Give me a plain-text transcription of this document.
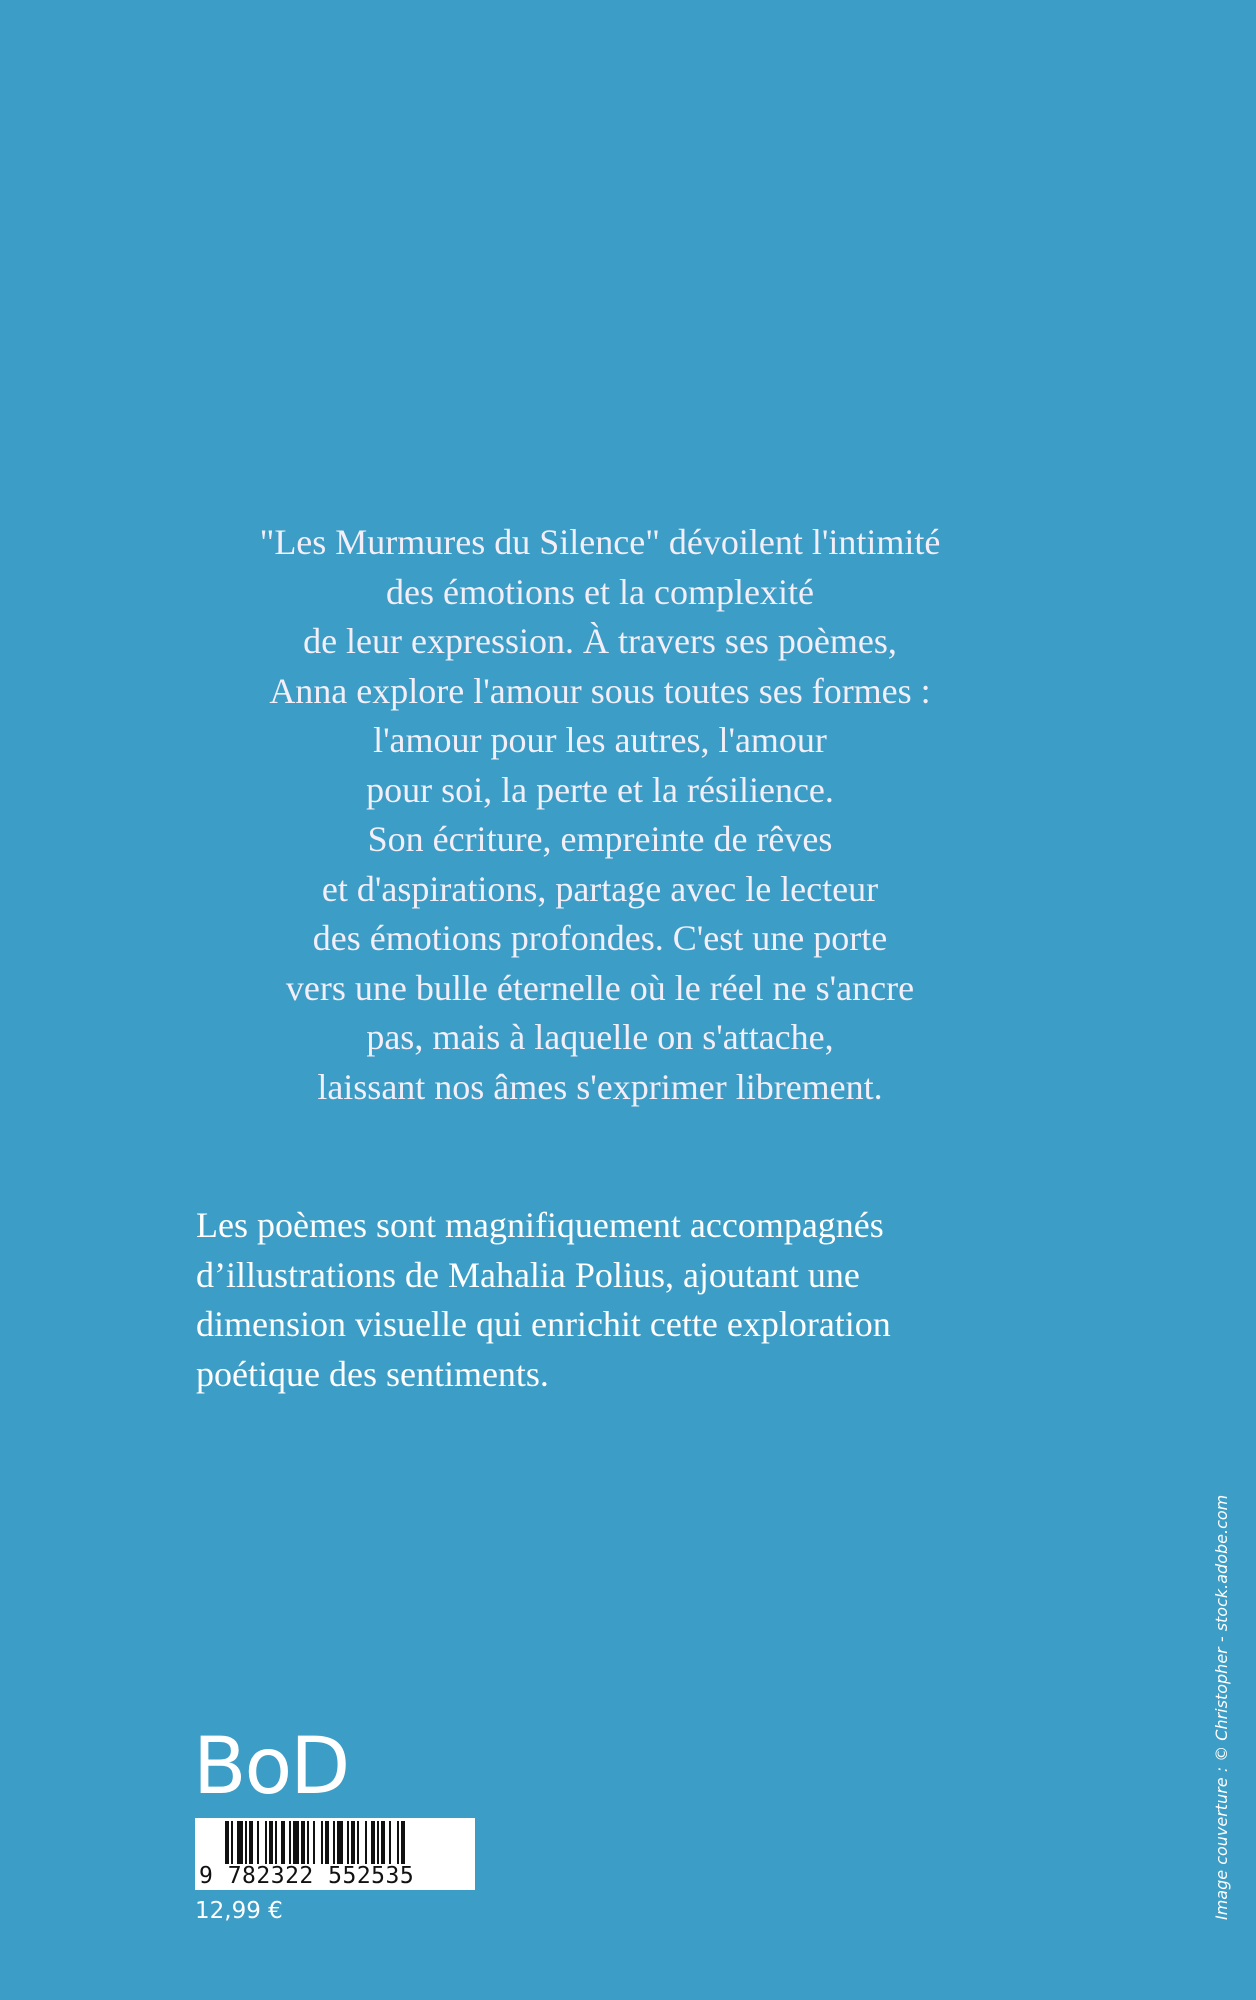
"Les Murmures du Silence" dévoilent l'intimité
des émotions et la complexité
de leur expression. À travers ses poèmes,
Anna explore l'amour sous toutes ses formes :
l'amour pour les autres, l'amour
pour soi, la perte et la résilience.
Son écriture, empreinte de rêves
et d'aspirations, partage avec le lecteur
des émotions profondes. C'est une porte
vers une bulle éternelle où le réel ne s'ancre
pas, mais à laquelle on s'attache,
laissant nos âmes s'exprimer librement.
Les poèmes sont magnifiquement accompagnés
d’illustrations de Mahalia Polius, ajoutant une
dimension visuelle qui enrichit cette exploration
poétique des sentiments.
BoD
9 782322 552535
12,99 €	Image couverture : © Christopher - stock.adobe.com
